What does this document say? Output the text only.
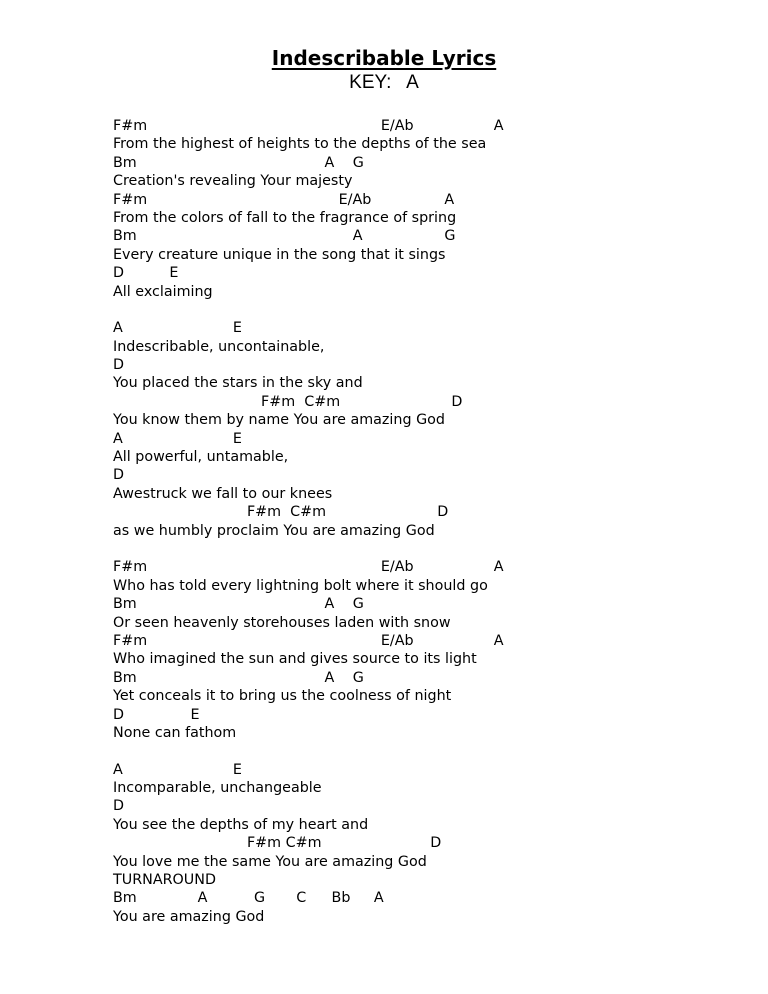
Indescribable Lyrics
KEY:   A
F#m	E/Ab	A
From the highest of heights to the depths of the sea
Bm	A G
Creation's revealing Your majesty
F#m	E/Ab	A
From the colors of fall to the fragrance of spring
Bm	A	G
Every creature unique in the song that it sings
D	E
All exclaiming
A	E
Indescribable, uncontainable,
D
You placed the stars in the sky and
F#m  C#m	D
You know them by name You are amazing God
A	E
All powerful, untamable,
D
Awestruck we fall to our knees
F#m  C#m	D
as we humbly proclaim You are amazing God
F#m	E/Ab	A
Who has told every lightning bolt where it should go
Bm	A G
Or seen heavenly storehouses laden with snow
F#m	E/Ab	A
Who imagined the sun and gives source to its light
Bm	A G
Yet conceals it to bring us the coolness of night
D	E
None can fathom
A	E
Incomparable, unchangeable
D
You see the depths of my heart and
F#m C#m	D
You love me the same You are amazing God
TURNAROUND
Bm	A	G C Bb A
You are amazing God
